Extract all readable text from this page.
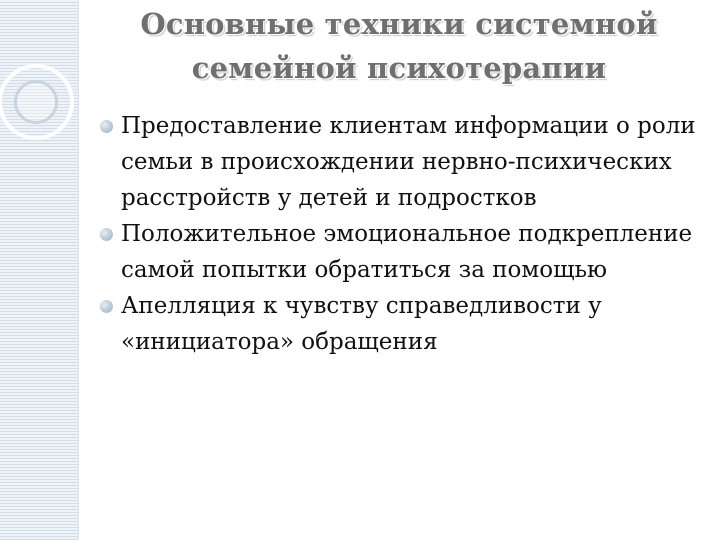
Основные техники системной
семейной психотерапии
Предоставление клиентам информации о роли семьи в происхождении нервно-психических расстройств у детей и подростков
Положительное эмоциональное подкрепление самой попытки обратиться за помощью
Апелляция к чувству справедливости у «инициатора» обращения
